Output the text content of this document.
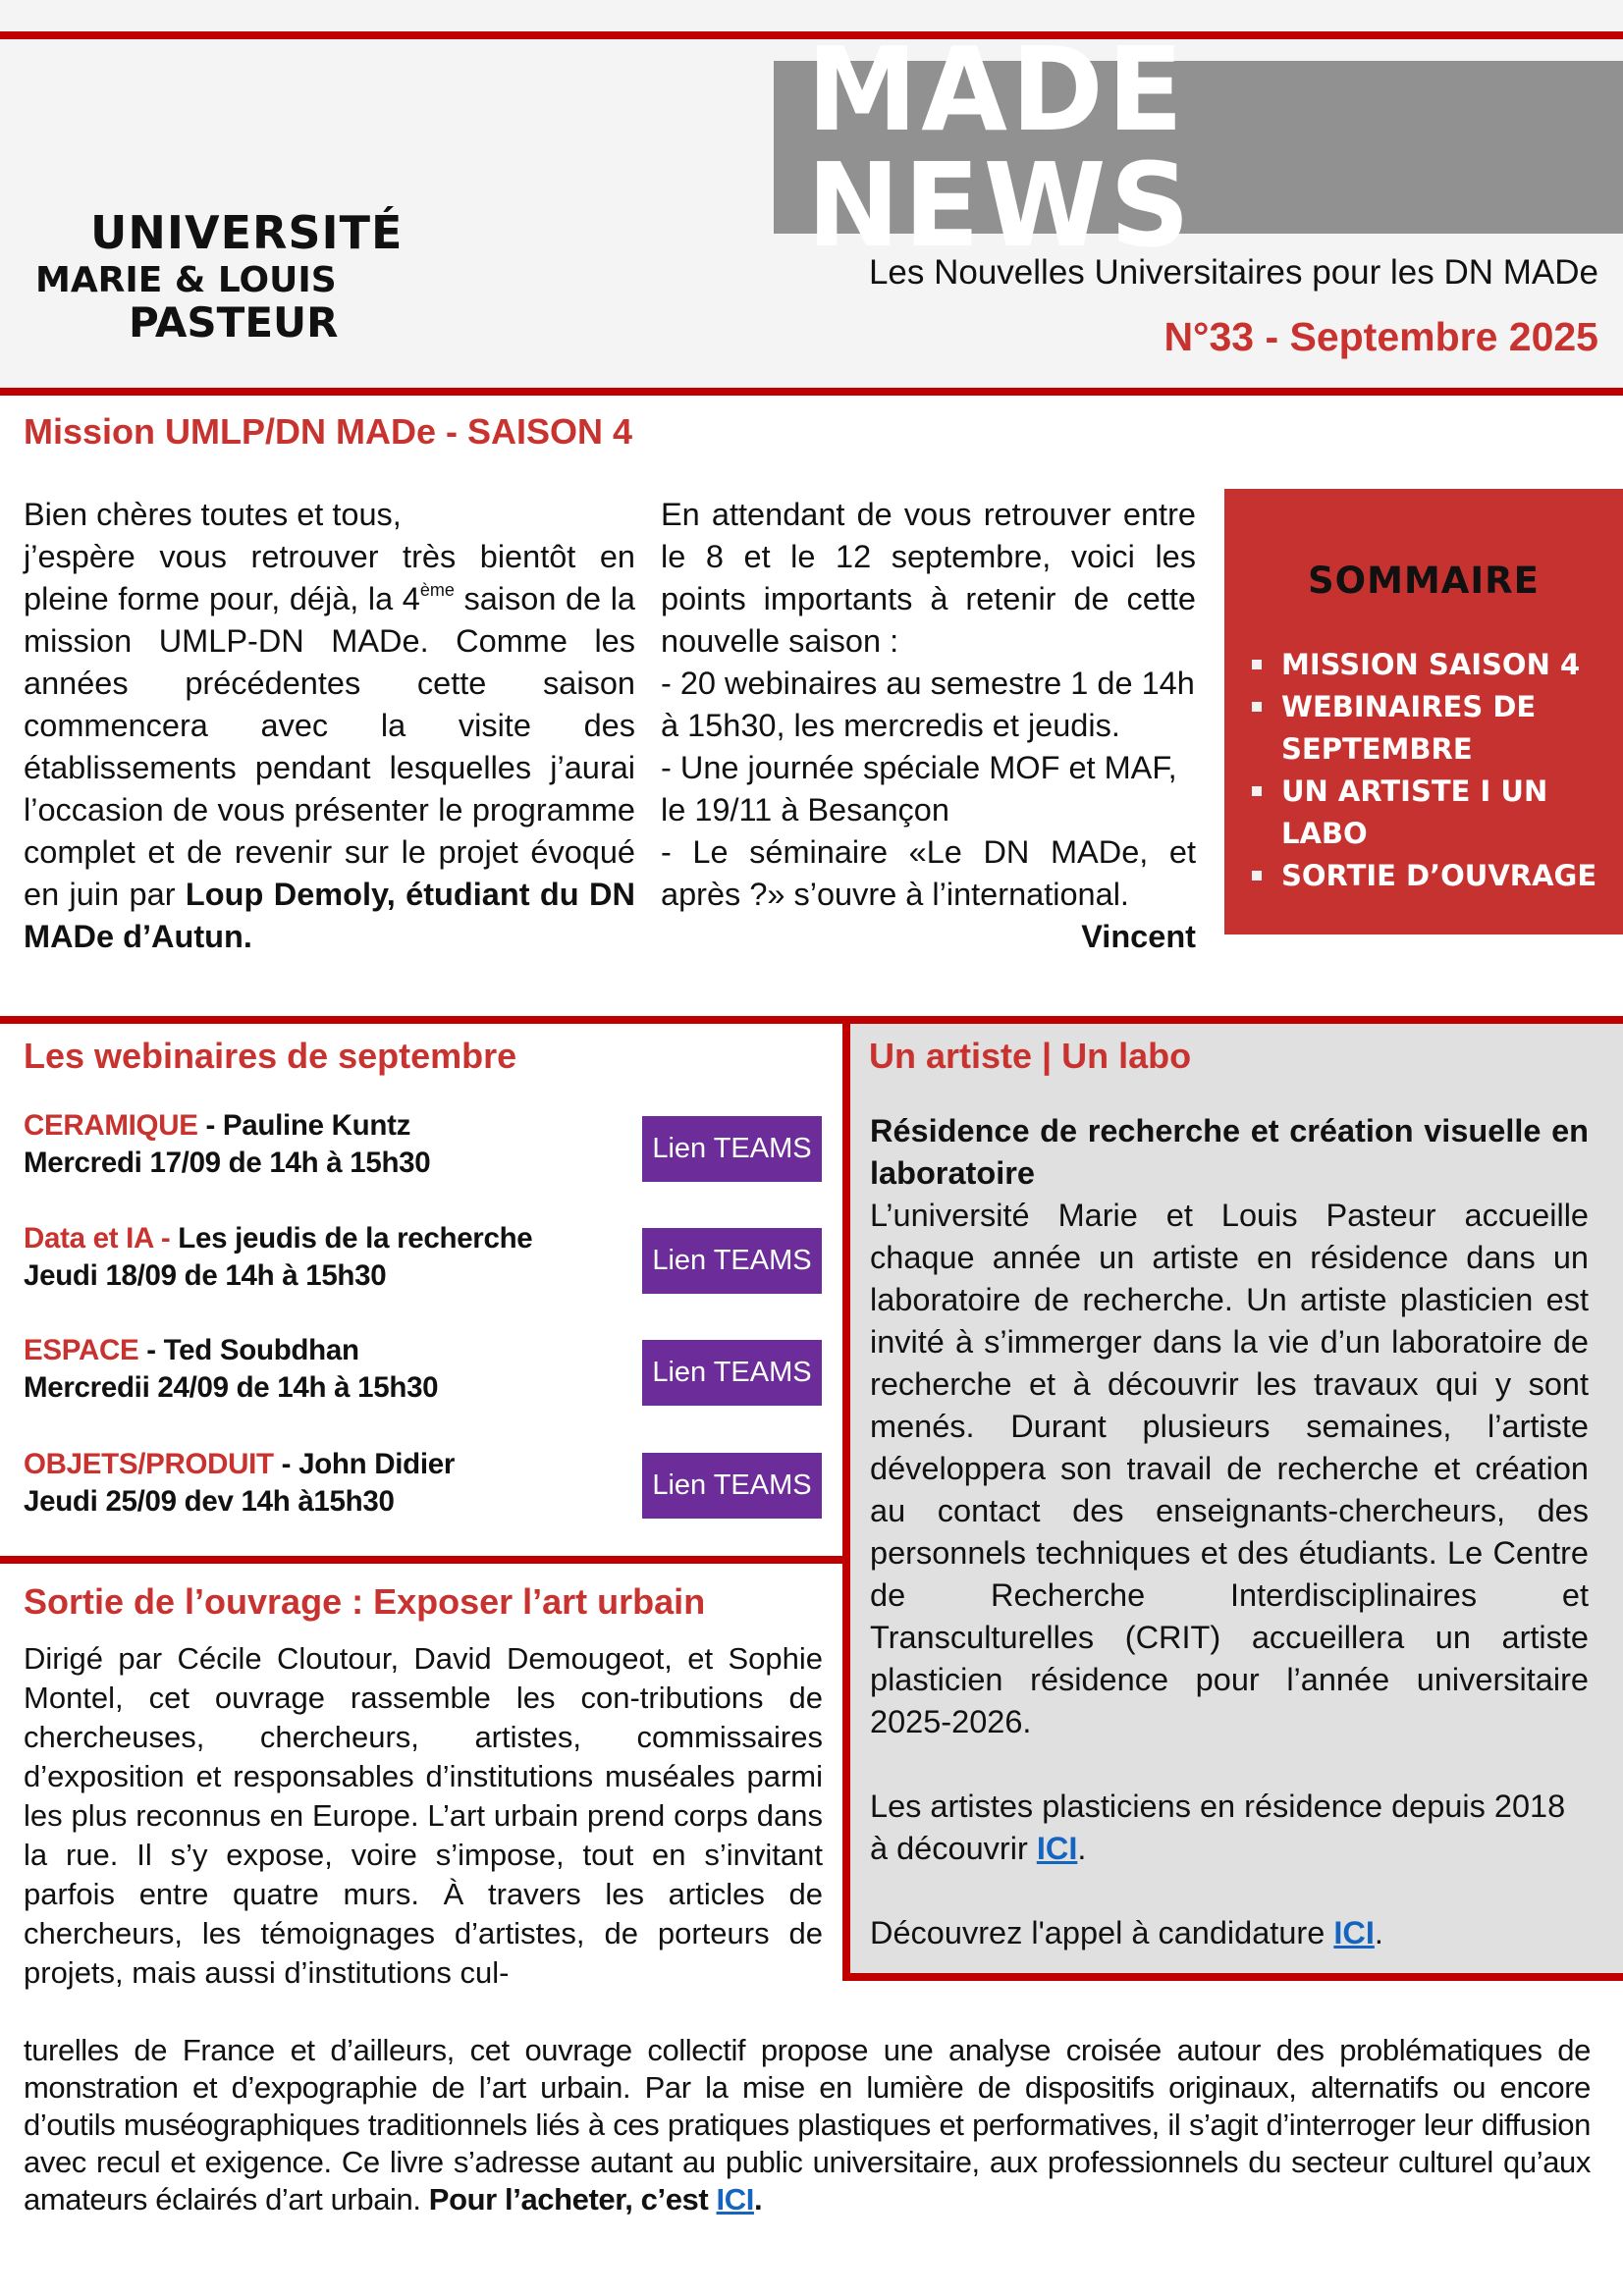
UNIVERSITÉ
MARIE & LOUIS
PASTEUR
MADE NEWS
Les Nouvelles Universitaires pour les DN MADe
N°33 - Septembre 2025
Mission UMLP/DN MADe - SAISON 4
Bien chères toutes et tous,
j’espère vous retrouver très bientôt en pleine forme pour, déjà, la 4ème saison de la mission UMLP-DN MADe. Comme les années précédentes cette saison commencera avec la visite des établissements pendant lesquelles j’aurai l’occasion de vous présenter le programme complet et de revenir sur le projet évoqué en juin par Loup Demoly, étudiant du DN MADe d’Autun.
En attendant de vous retrouver entre le 8 et le 12 septembre, voici les points importants à retenir de cette nouvelle saison :
- 20 webinaires au semestre 1 de 14h à 15h30, les mercredis et jeudis.
- Une journée spéciale MOF et MAF, le 19/11 à Besançon
- Le séminaire «Le DN MADe, et après ?» s’ouvre à l’international.
Vincent
SOMMAIRE
MISSION SAISON 4
WEBINAIRES DE SEPTEMBRE
UN ARTISTE I UN LABO
SORTIE D’OUVRAGE
Un artiste | Un labo
Résidence de recherche et création visuelle en laboratoire
L’université Marie et Louis Pasteur accueille chaque année un artiste en résidence dans un laboratoire de recherche. Un artiste plasticien est invité à s’immerger dans la vie d’un laboratoire de recherche et à découvrir les travaux qui y sont menés. Durant plusieurs semaines, l’artiste développera son travail de recherche et création au contact des enseignants-chercheurs, des personnels techniques et des étudiants. Le Centre de Recherche Interdisciplinaires et Transculturelles (CRIT) accueillera un artiste plasticien résidence pour l’année universitaire 2025-2026.
Les artistes plasticiens en résidence depuis 2018 à découvrir ICI.
Découvrez l'appel à candidature ICI.
Les webinaires de septembre
CERAMIQUE - Pauline Kuntz
Mercredi 17/09 de 14h à 15h30	Lien TEAMS
Data et IA - Les jeudis de la recherche
Jeudi 18/09 de 14h à 15h30	Lien TEAMS
ESPACE - Ted Soubdhan
Mercredii 24/09 de 14h à 15h30	Lien TEAMS
OBJETS/PRODUIT - John Didier
Jeudi 25/09 dev 14h à15h30	Lien TEAMS
Sortie de l’ouvrage : Exposer l’art urbain
Dirigé par Cécile Cloutour, David Demougeot, et Sophie Montel, cet ouvrage rassemble les con-tributions de chercheuses, chercheurs, artistes, commissaires d’exposition et responsables d’institutions muséales parmi les plus reconnus en Europe. L’art urbain prend corps dans la rue. Il s’y expose, voire s’impose, tout en s’invitant parfois entre quatre murs. À travers les articles de chercheurs, les témoignages d’artistes, de porteurs de projets, mais aussi d’institutions cul-
turelles de France et d’ailleurs, cet ouvrage collectif propose une analyse croisée autour des problématiques de monstration et d’expographie de l’art urbain. Par la mise en lumière de dispositifs originaux, alternatifs ou encore d’outils muséographiques traditionnels liés à ces pratiques plastiques et performatives, il s’agit d’interroger leur diffusion avec recul et exigence. Ce livre s’adresse autant au public universitaire, aux professionnels du secteur culturel qu’aux amateurs éclairés d’art urbain. Pour l’acheter, c’est ICI.
